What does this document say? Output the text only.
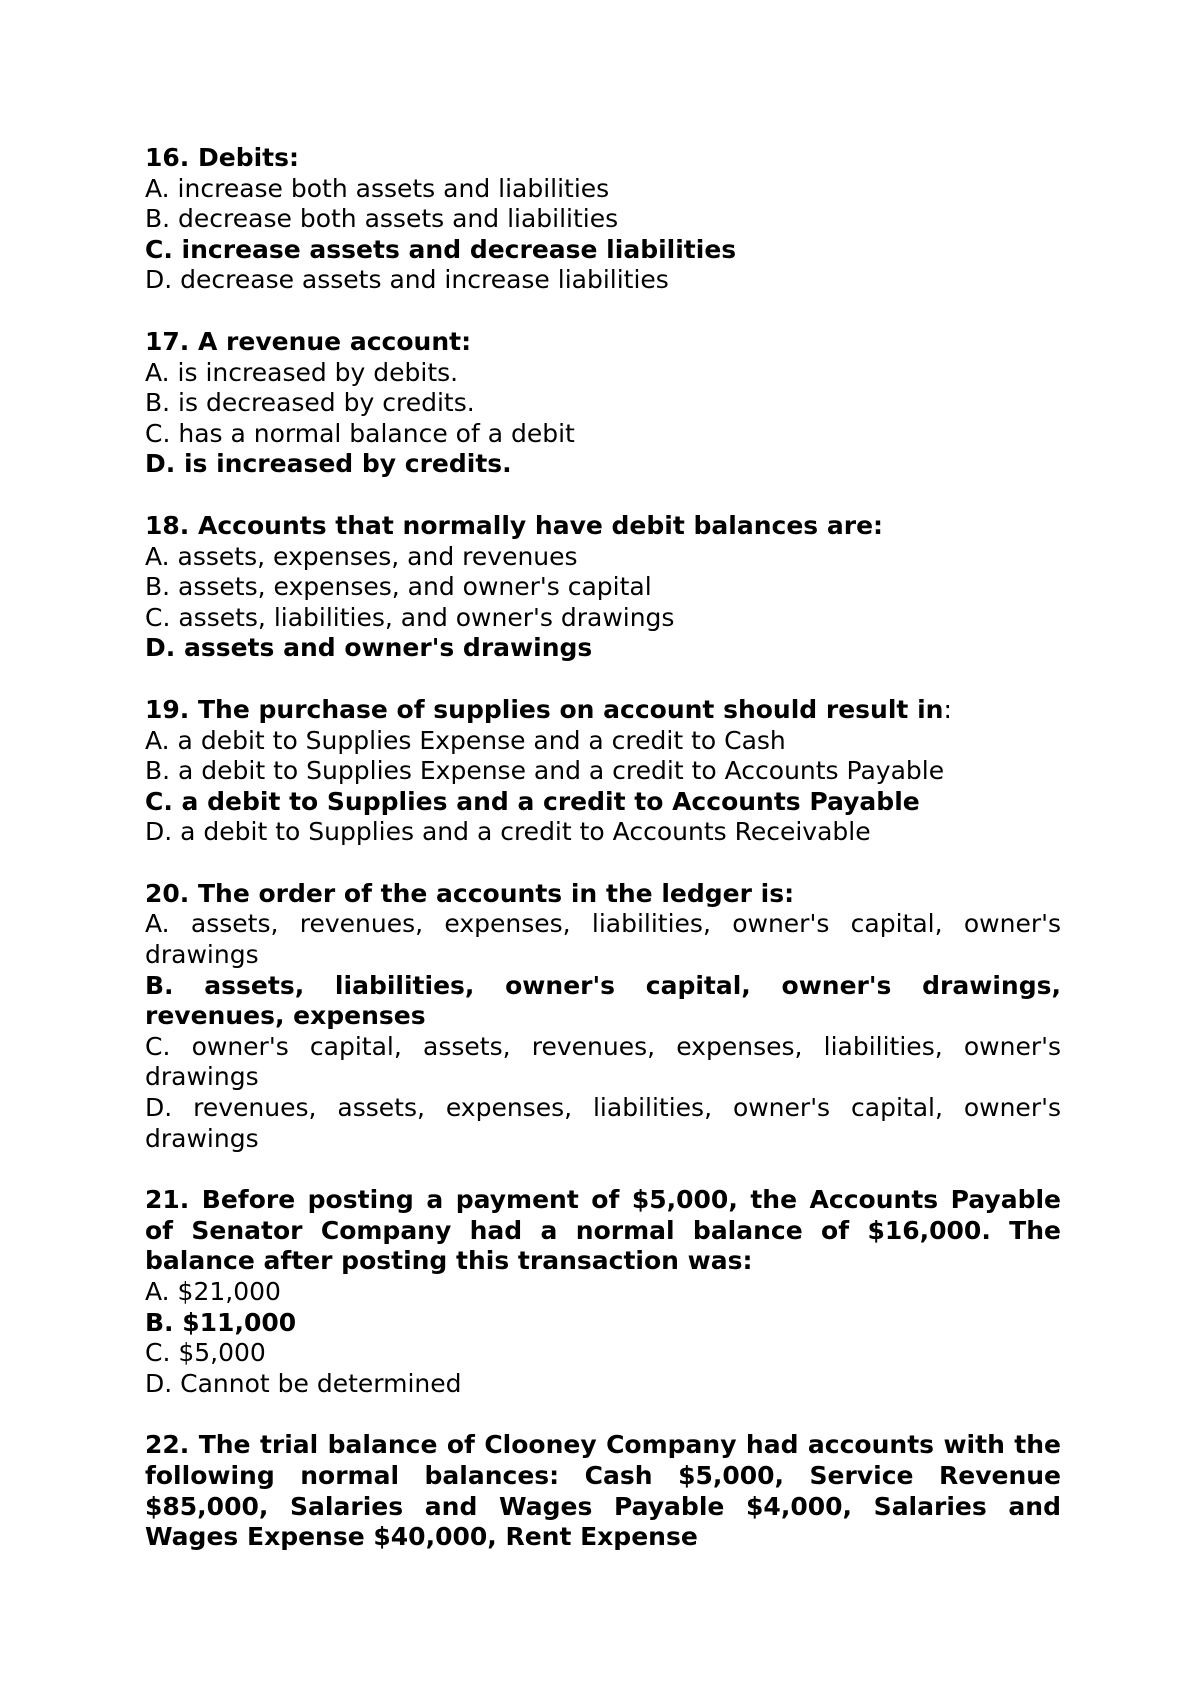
16. Debits:
A. increase both assets and liabilities
B. decrease both assets and liabilities
C. increase assets and decrease liabilities
D. decrease assets and increase liabilities
17. A revenue account:
A. is increased by debits.
B. is decreased by credits.
C. has a normal balance of a debit
D. is increased by credits.
18. Accounts that normally have debit balances are:
A. assets, expenses, and revenues
B. assets, expenses, and owner's capital
C. assets, liabilities, and owner's drawings
D. assets and owner's drawings
19. The purchase of supplies on account should result in:
A. a debit to Supplies Expense and a credit to Cash
B. a debit to Supplies Expense and a credit to Accounts Payable
C. a debit to Supplies and a credit to Accounts Payable
D. a debit to Supplies and a credit to Accounts Receivable
20. The order of the accounts in the ledger is:
A. assets, revenues, expenses, liabilities, owner's capital, owner's drawings
B. assets, liabilities, owner's capital, owner's drawings, revenues, expenses
C. owner's capital, assets, revenues, expenses, liabilities, owner's drawings
D. revenues, assets, expenses, liabilities, owner's capital, owner's drawings
21. Before posting a payment of $5,000, the Accounts Payable of Senator Company had a normal balance of $16,000. The balance after posting this transaction was:
A. $21,000
B. $11,000
C. $5,000
D. Cannot be determined
22. The trial balance of Clooney Company had accounts with the following normal balances: Cash $5,000, Service Revenue $85,000, Salaries and Wages Payable $4,000, Salaries and Wages Expense $40,000, Rent Expense
